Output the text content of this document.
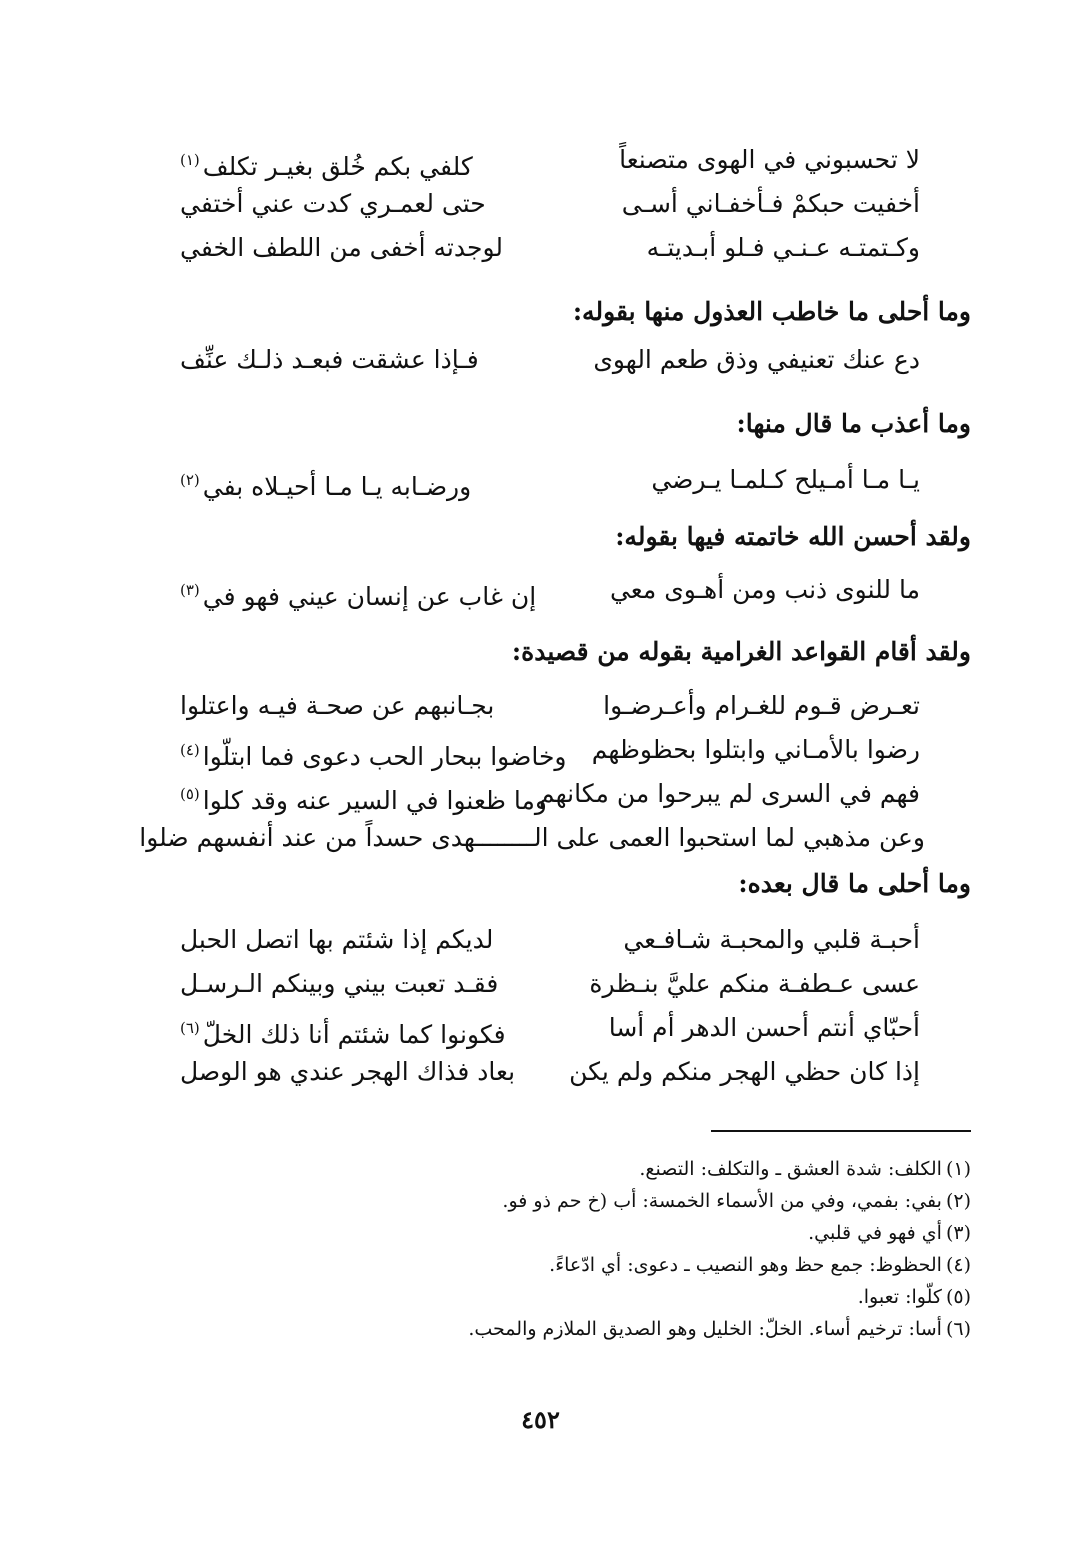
لا تحسبوني في الهوى متصنعاً
كلفي بكم خُلق بغيـر تكلف$^{(١)}$
أخفيت حبكمْ فـأخفـاني أسـى
حتى لعمـري كدت عني أختفي
وكـتمتـه عـنـي فـلو أبـديتـه
لوجدته أخفى من اللطف الخفي
وما أحلى ما خاطب العذول منها بقوله:
دع عنك تعنيفي وذق طعم الهوى
فـإذا عشقت فبعـد ذلـك عنِّف
وما أعذب ما قال منها:
يـا مـا أمـيلح كـلمـا يـرضي
ورضـابه يـا مـا أحيـلاه بفي$^{(٢)}$
ولقد أحسن الله خاتمته فيها بقوله:
ما للنوى ذنب ومن أهـوى معي
إن غاب عن إنسان عيني فهو في$^{(٣)}$
ولقد أقام القواعد الغرامية بقوله من قصيدة:
تعـرض قـوم للغـرام وأعـرضـوا
بجـانبهم عن صحـة فيـه واعتلوا
رضوا بالأمـاني وابتلوا بحظوظهم
وخاضوا ببحار الحب دعوى فما ابتلّوا$^{(٤)}$
فهم في السرى لم يبرحوا من مكانهم
وما ظعنوا في السير عنه وقد كلوا$^{(٥)}$
وعن مذهبي لما استحبوا العمى على الــــــــهدى حسداً من عند أنفسهم ضلوا
وما أحلى ما قال بعده:
أحبـة قلبي والمحبـة شـافـعي
لديكم إذا شئتم بها اتصل الحبل
عسى عـطفـة منكم عليَّ بنـظرة
فقـد تعبت بيني وبينكم الـرسـل
أحبّاي أنتم أحسن الدهر أم أسا
فكونوا كما شئتم أنا ذلك الخلّ$^{(٦)}$
إذا كان حظي الهجر منكم ولم يكن
بعاد فذاك الهجر عندي هو الوصل
(١)الكلف: شدة العشق ـ والتكلف: التصنع.
(٢)بفي: بفمي، وفي من الأسماء الخمسة: أب (خ حم ذو فو.
(٣)أي فهو في قلبي.
(٤)الحظوظ: جمع حظ وهو النصيب ـ دعوى: أي ادّعاءً.
(٥)كلّوا: تعبوا.
(٦)أسا: ترخيم أساء. الخلّ: الخليل وهو الصديق الملازم والمحب.
٤٥٢
